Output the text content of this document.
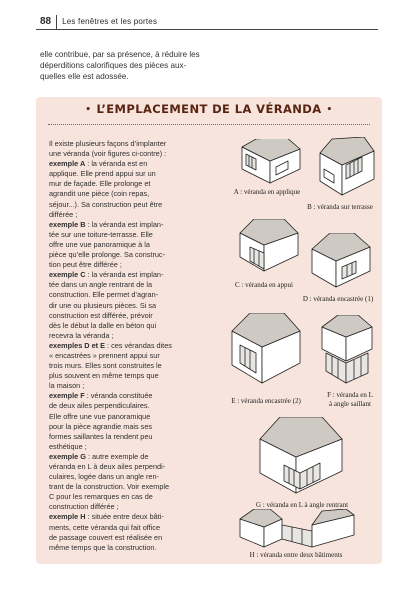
88	Les fenêtres et les portes

elle contribue, par sa présence, à réduire les
déperditions calorifiques des pièces aux-
quelles elle est adossée.

• L’EMPLACEMENT DE LA VÉRANDA •
Il existe plusieurs façons d’implanter
une véranda (voir figures ci-contre) :
exemple A : la véranda est en
applique. Elle prend appui sur un
mur de façade. Elle prolonge et
agrandit une pièce (coin repas,
séjour...). Sa construction peut être
différée ;
exemple B : la véranda est implan-
tée sur une toiture-terrasse. Elle
offre une vue panoramique à la
pièce qu’elle prolonge. Sa construc-
tion peut être différée ;
exemple C : la véranda est implan-
tée dans un angle rentrant de la
construction. Elle permet d’agran-
dir une ou plusieurs pièces. Si sa
construction est différée, prévoir
dès le début la dalle en béton qui
recevra la véranda ;
exemples D et E : ces vérandas dites
« encastrées » prennent appui sur
trois murs. Elles sont construites le
plus souvent en même temps que
la maison ;
exemple F : véranda constituée
de deux ailes perpendiculaires.
Elle offre une vue panoramique
pour la pièce agrandie mais ses
formes saillantes la rendent peu
esthétique ;
exemple G : autre exemple de
véranda en L à deux ailes perpendi-
culaires, logée dans un angle ren-
trant de la construction. Voir exemple
C pour les remarques en cas de
construction différée ;
exemple H : située entre deux bâti-
ments, cette véranda qui fait office
de passage couvert est réalisée en
même temps que la construction.
A : véranda en applique
B : véranda sur terrasse
C : véranda en appui
D : véranda encastrée (1)
E : véranda encastrée (2)
F : véranda en L
à angle saillant
G : véranda en L à angle rentrant
H : véranda entre deux bâtiments
